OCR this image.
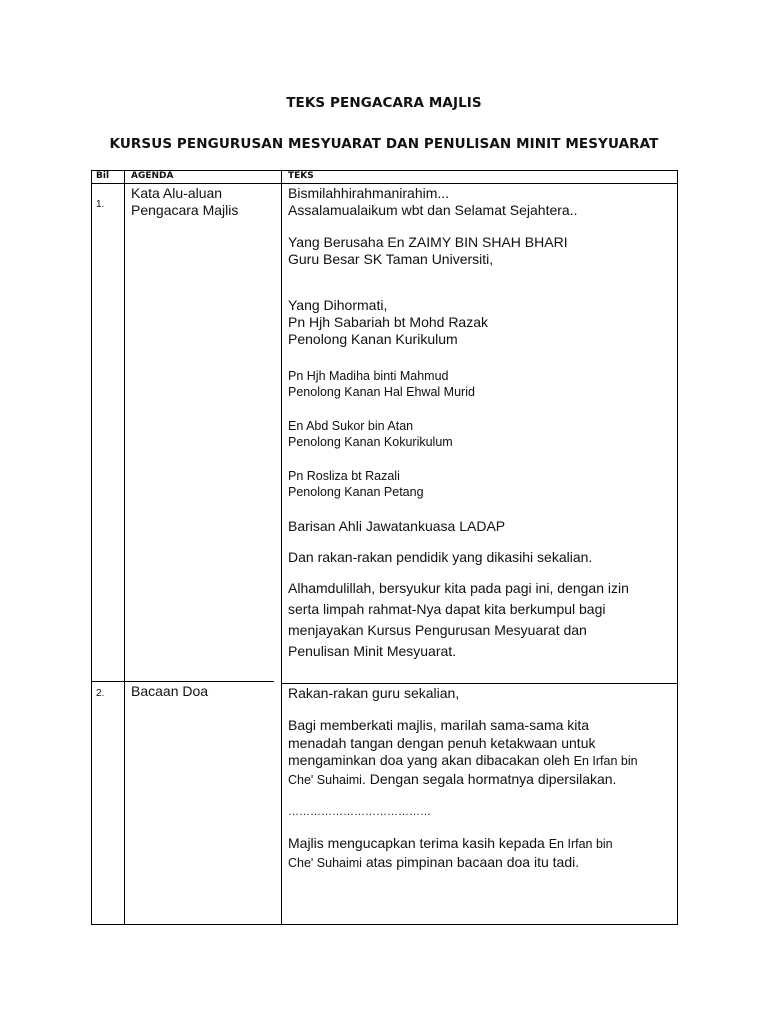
TEKS PENGACARA MAJLIS
KURSUS PENGURUSAN MESYUARAT DAN PENULISAN MINIT MESYUARAT
Bil AGENDA	TEKS
1.
Kata Alu-aluan
Pengacara Majlis
Bismilahhirahmanirahim...
Assalamualaikum wbt dan Selamat Sejahtera..
Yang Berusaha En ZAIMY BIN SHAH BHARI
Guru Besar SK Taman Universiti,
Yang Dihormati,
Pn Hjh Sabariah bt Mohd Razak
Penolong Kanan Kurikulum
Pn Hjh Madiha binti Mahmud
Penolong Kanan Hal Ehwal Murid
En Abd Sukor bin Atan
Penolong Kanan Kokurikulum
Pn Rosliza bt Razali
Penolong Kanan Petang
Barisan Ahli Jawatankuasa LADAP
Dan rakan-rakan pendidik yang dikasihi sekalian.
Alhamdulillah, bersyukur kita pada pagi ini, dengan izin
serta limpah rahmat-Nya dapat kita berkumpul bagi
menjayakan Kursus Pengurusan Mesyuarat dan
Penulisan Minit Mesyuarat.
2. Bacaan Doa	Rakan-rakan guru sekalian,
Bagi memberkati majlis, marilah sama-sama kita
menadah tangan dengan penuh ketakwaan untuk
mengaminkan doa yang akan dibacakan oleh En Irfan bin
Che' Suhaimi. Dengan segala hormatnya dipersilakan.
…………………………………
Majlis mengucapkan terima kasih kepada En Irfan bin
Che' Suhaimi atas pimpinan bacaan doa itu tadi.
